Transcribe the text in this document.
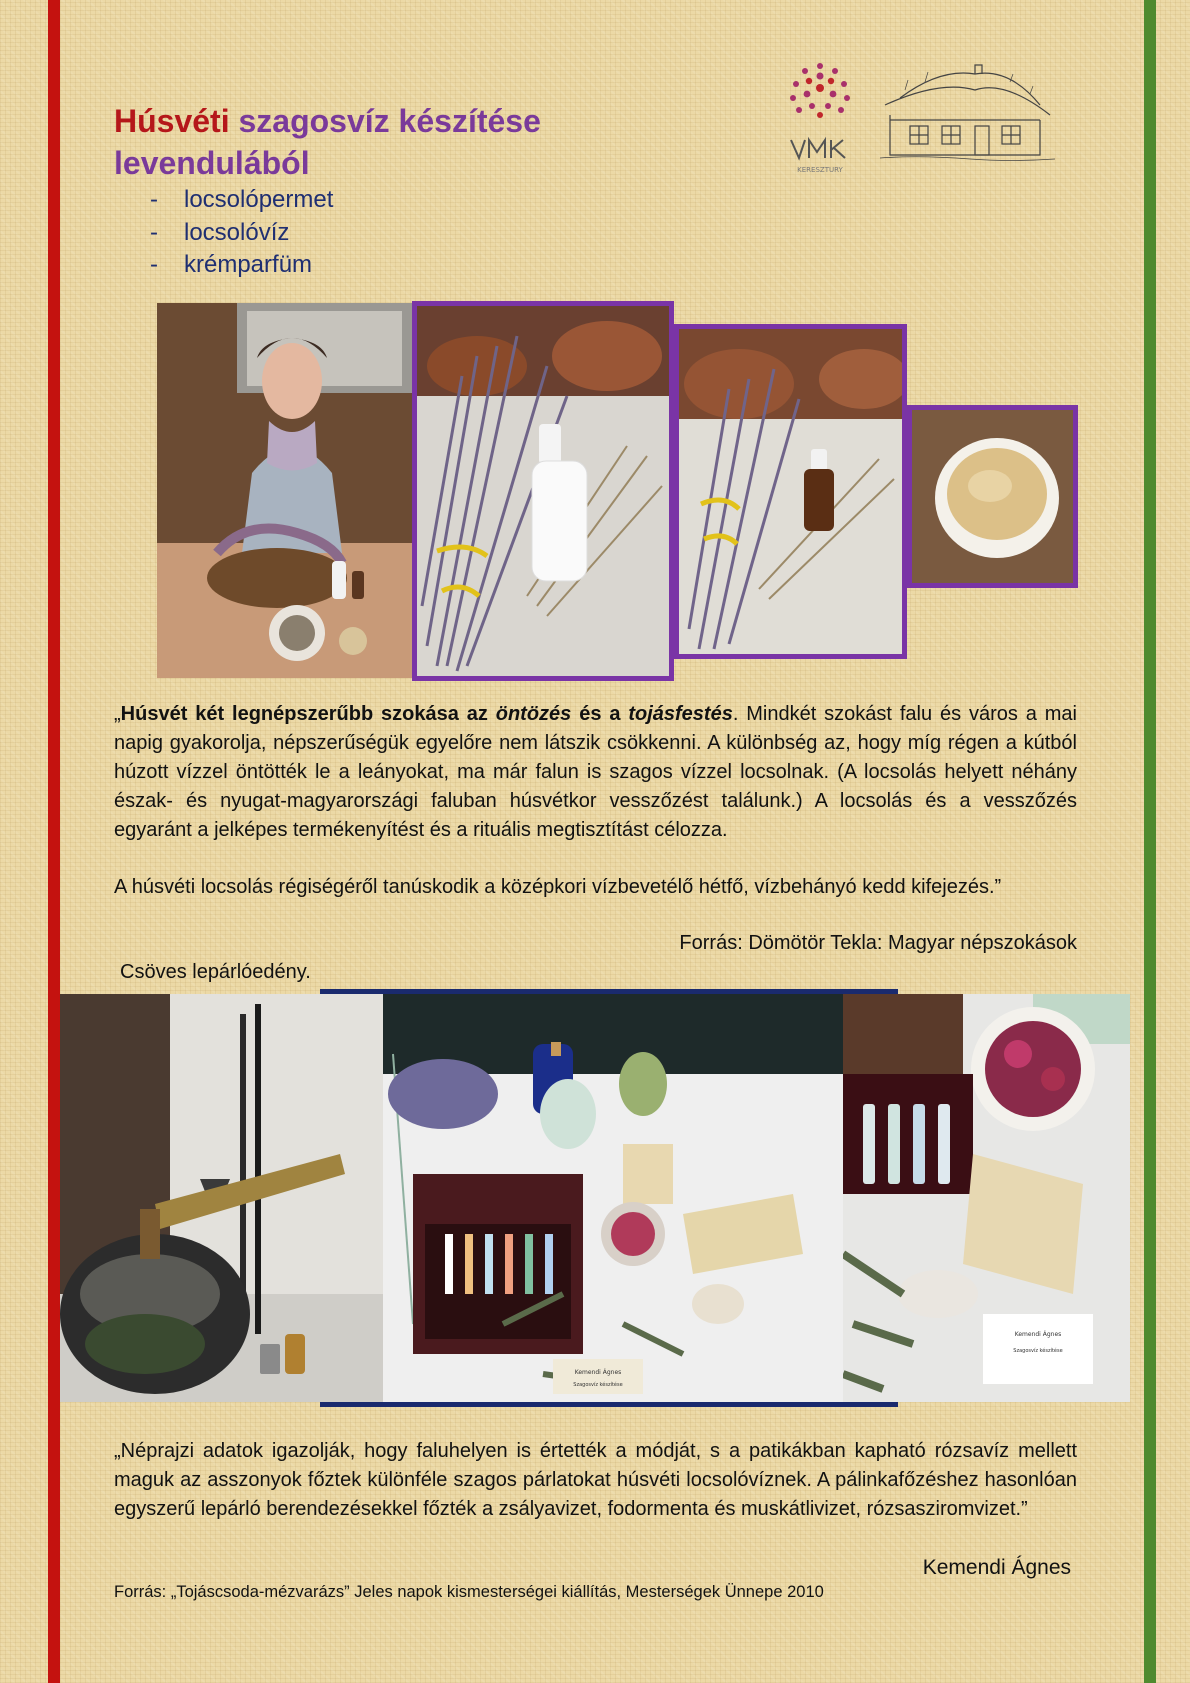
Húsvéti szagosvíz készítése
levendulából
- locsolópermet
- locsolóvíz
- krémparfüm
KERESZTURY
„Húsvét két legnépszerűbb szokása az öntözés és a tojásfestés. Mindkét szokást falu és város a mai napig gyakorolja, népszerűségük egyelőre nem látszik csökkenni. A különbség az, hogy míg régen a kútból húzott vízzel öntötték le a leányokat, ma már falun is szagos vízzel locsolnak. (A locsolás helyett néhány észak- és nyugat-magyarországi faluban húsvétkor vesszőzést találunk.) A locsolás és a vesszőzés egyaránt a jelképes termékenyítést és a rituális megtisztítást célozza.
A húsvéti locsolás régiségéről tanúskodik a középkori vízbevetélő hétfő, vízbehányó kedd kifejezés.”
Forrás: Dömötör Tekla: Magyar népszokások
Csöves lepárlóedény.
Kemendi Ágnes
Szagosvíz készítése
Kemendi Ágnes
Szagosvíz készítése
„Néprajzi adatok igazolják, hogy faluhelyen is értették a módját, s a patikákban kapható rózsavíz mellett maguk az asszonyok főztek különféle szagos párlatokat húsvéti locsolóvíznek. A pálinkafőzéshez hasonlóan egyszerű lepárló berendezésekkel főzték a zsályavizet, fodormenta és muskátlivizet, rózsasziromvizet.”
Kemendi Ágnes
Forrás: „Tojáscsoda-mézvarázs” Jeles napok kismesterségei kiállítás, Mesterségek Ünnepe 2010
